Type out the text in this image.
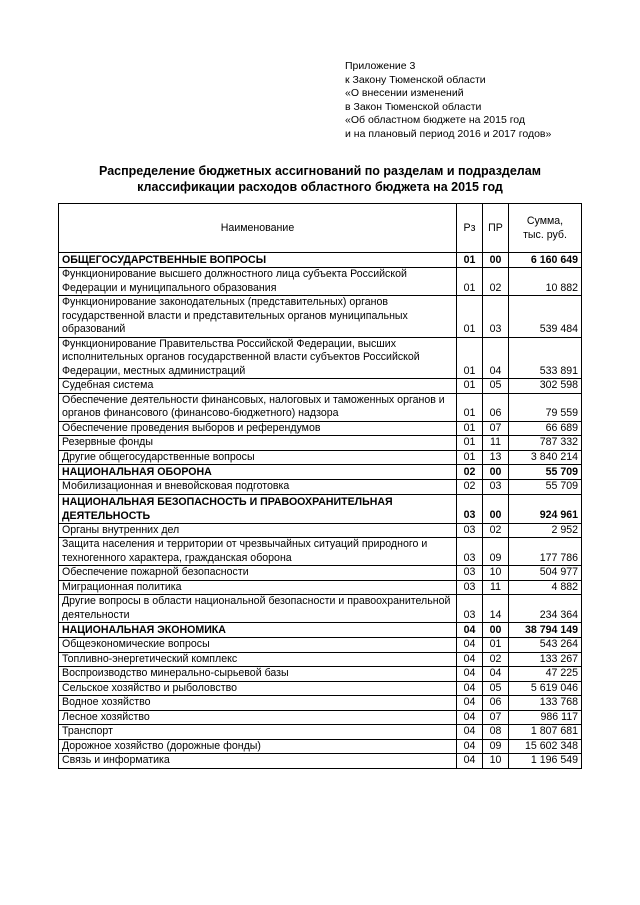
Приложение 3
к Закону Тюменской области
«О внесении изменений
в Закон Тюменской области
«Об областном бюджете на 2015 год
и на плановый период 2016 и 2017 годов»
Распределение бюджетных ассигнований по разделам и подразделам
классификации расходов областного бюджета на 2015 год
Наименование	Рз	ПР	Сумма,
тыс. руб.

ОБЩЕГОСУДАРСТВЕННЫЕ ВОПРОСЫ	01	00	6 160 649
Функционирование высшего должностного лица субъекта Российской Федерации и муниципального образования	01	02	10 882
Функционирование законодательных (представительных) органов государственной власти и представительных органов муниципальных образований	01	03	539 484
Функционирование Правительства Российской Федерации, высших исполнительных органов государственной власти субъектов Российской Федерации, местных администраций	01	04	533 891
Судебная система	01	05	302 598
Обеспечение деятельности финансовых, налоговых и таможенных органов и органов финансового (финансово-бюджетного) надзора	01	06	79 559
Обеспечение проведения выборов и референдумов	01	07	66 689
Резервные фонды	01	11	787 332
Другие общегосударственные вопросы	01	13	3 840 214
НАЦИОНАЛЬНАЯ ОБОРОНА	02	00	55 709
Мобилизационная и вневойсковая подготовка	02	03	55 709
НАЦИОНАЛЬНАЯ БЕЗОПАСНОСТЬ И ПРАВООХРАНИТЕЛЬНАЯ ДЕЯТЕЛЬНОСТЬ	03	00	924 961
Органы внутренних дел	03	02	2 952
Защита населения и территории от чрезвычайных ситуаций природного и техногенного характера, гражданская оборона	03	09	177 786
Обеспечение пожарной безопасности	03	10	504 977
Миграционная политика	03	11	4 882
Другие вопросы в области национальной безопасности и правоохранительной деятельности	03	14	234 364
НАЦИОНАЛЬНАЯ ЭКОНОМИКА	04	00	38 794 149
Общеэкономические вопросы	04	01	543 264
Топливно-энергетический комплекс	04	02	133 267
Воспроизводство минерально-сырьевой базы	04	04	47 225
Сельское хозяйство и рыболовство	04	05	5 619 046
Водное хозяйство	04	06	133 768
Лесное хозяйство	04	07	986 117
Транспорт	04	08	1 807 681
Дорожное хозяйство (дорожные фонды)	04	09	15 602 348
Связь и информатика	04	10	1 196 549
